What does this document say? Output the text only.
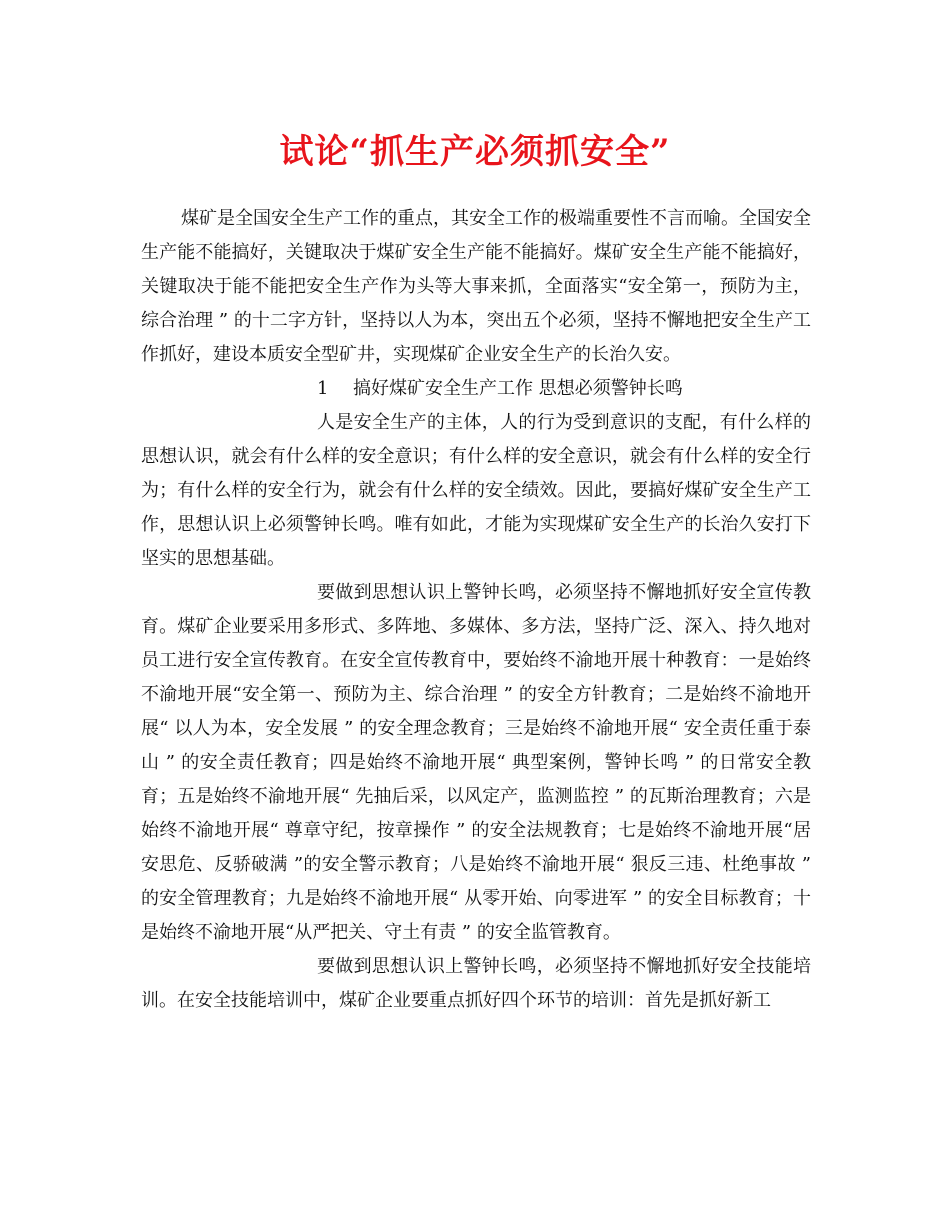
试论“抓生产必须抓安全”

煤矿是全国安全生产工作的重点，其安全工作的极端重要性不言而喻。全国安全生产能不能搞好，关键取决于煤矿安全生产能不能搞好。煤矿安全生产能不能搞好，关键取决于能不能把安全生产作为头等大事来抓，全面落实“安全第一，预防为主，综合治理 ” 的十二字方针，坚持以人为本，突出五个必须，坚持不懈地把安全生产工作抓好，建设本质安全型矿井，实现煤矿企业安全生产的长治久安。

1 搞好煤矿安全生产工作 思想必须警钟长鸣

人是安全生产的主体，人的行为受到意识的支配，有什么样的思想认识，就会有什么样的安全意识；有什么样的安全意识，就会有什么样的安全行为；有什么样的安全行为，就会有什么样的安全绩效。因此，要搞好煤矿安全生产工作，思想认识上必须警钟长鸣。唯有如此，才能为实现煤矿安全生产的长治久安打下坚实的思想基础。

要做到思想认识上警钟长鸣，必须坚持不懈地抓好安全宣传教育。煤矿企业要采用多形式、多阵地、多媒体、多方法，坚持广泛、深入、持久地对员工进行安全宣传教育。在安全宣传教育中，要始终不渝地开展十种教育：一是始终不渝地开展“安全第一、预防为主、综合治理 ” 的安全方针教育；二是始终不渝地开展“ 以人为本，安全发展 ” 的安全理念教育；三是始终不渝地开展“ 安全责任重于泰山 ” 的安全责任教育；四是始终不渝地开展“ 典型案例，警钟长鸣 ” 的日常安全教育；五是始终不渝地开展“ 先抽后采，以风定产，监测监控 ” 的瓦斯治理教育；六是始终不渝地开展“ 尊章守纪，按章操作 ” 的安全法规教育；七是始终不渝地开展“居安思危、反骄破满 ”的安全警示教育；八是始终不渝地开展“ 狠反三违、杜绝事故 ” 的安全管理教育；九是始终不渝地开展“ 从零开始、向零进军 ” 的安全目标教育；十是始终不渝地开展“从严把关、守土有责 ” 的安全监管教育。

要做到思想认识上警钟长鸣，必须坚持不懈地抓好安全技能培训。在安全技能培训中，煤矿企业要重点抓好四个环节的培训：首先是抓好新工
